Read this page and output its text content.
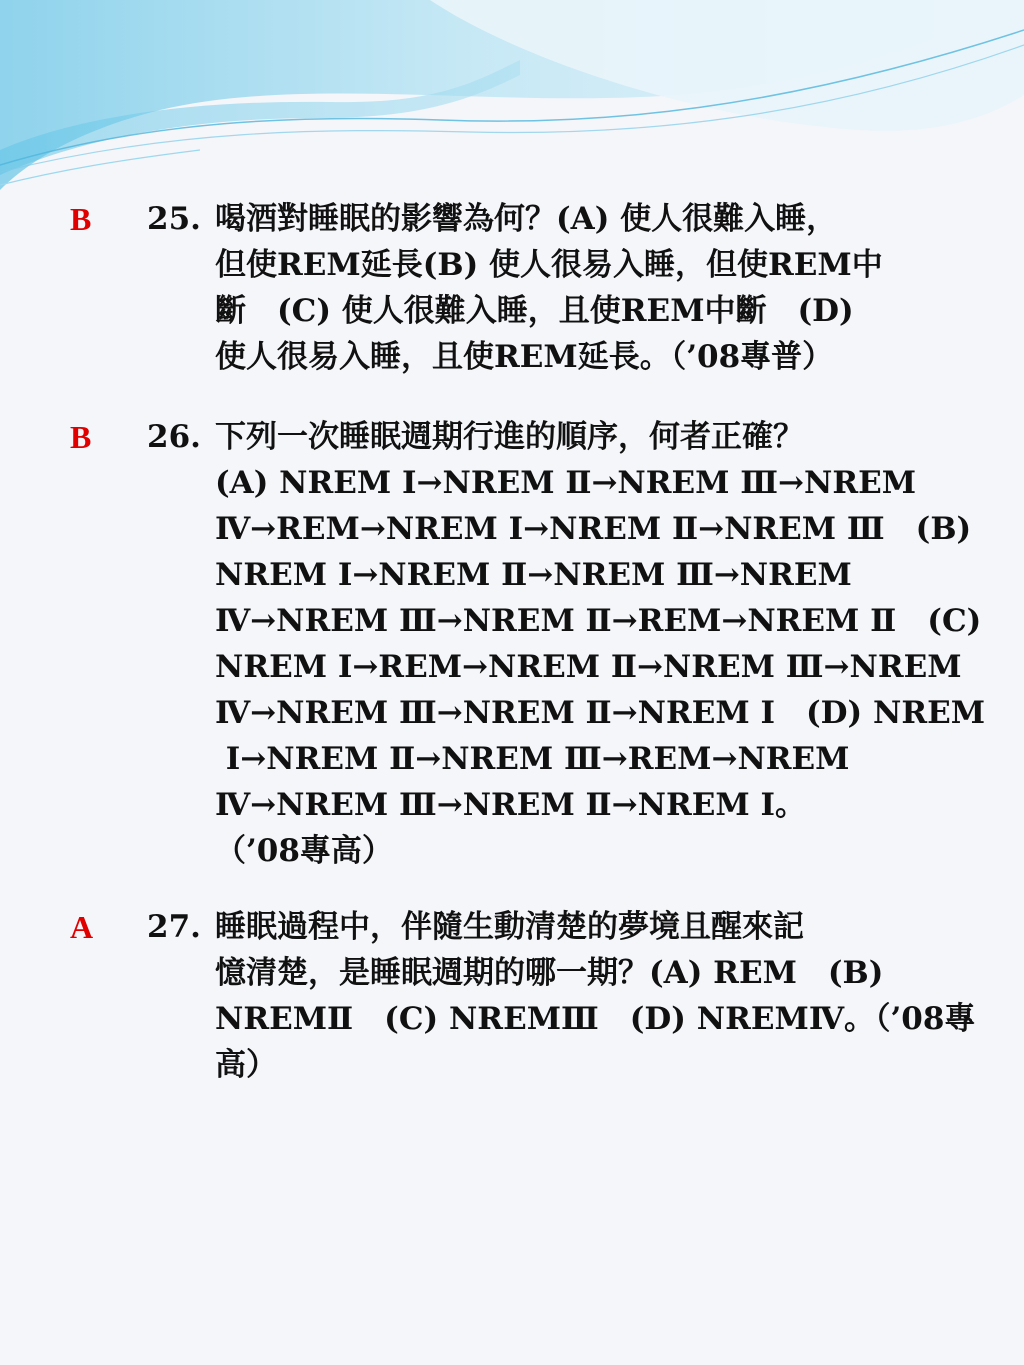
B 25. 喝酒對睡眠的影響為何？(A) 使人很難入睡，
但使REM延長(B) 使人很易入睡，但使REM中
斷　(C) 使人很難入睡，且使REM中斷　(D)
使人很易入睡，且使REM延長。（’08專普）
B 26. 下列一次睡眠週期行進的順序，何者正確？
(A) NREM Ⅰ→NREM Ⅱ→NREM Ⅲ→NREM
Ⅳ→REM→NREM Ⅰ→NREM Ⅱ→NREM Ⅲ　(B)
NREM Ⅰ→NREM Ⅱ→NREM Ⅲ→NREM
Ⅳ→NREM Ⅲ→NREM Ⅱ→REM→NREM Ⅱ　(C)
NREM Ⅰ→REM→NREM Ⅱ→NREM Ⅲ→NREM
Ⅳ→NREM Ⅲ→NREM Ⅱ→NREM Ⅰ　(D) NREM
Ⅰ→NREM Ⅱ→NREM Ⅲ→REM→NREM
Ⅳ→NREM Ⅲ→NREM Ⅱ→NREM Ⅰ。
（’08專高）
A 27. 睡眠過程中，伴隨生動清楚的夢境且醒來記
憶清楚，是睡眠週期的哪一期？(A) REM　(B)
NREMⅡ　(C) NREMⅢ　(D) NREMⅣ。（’08專
高）
